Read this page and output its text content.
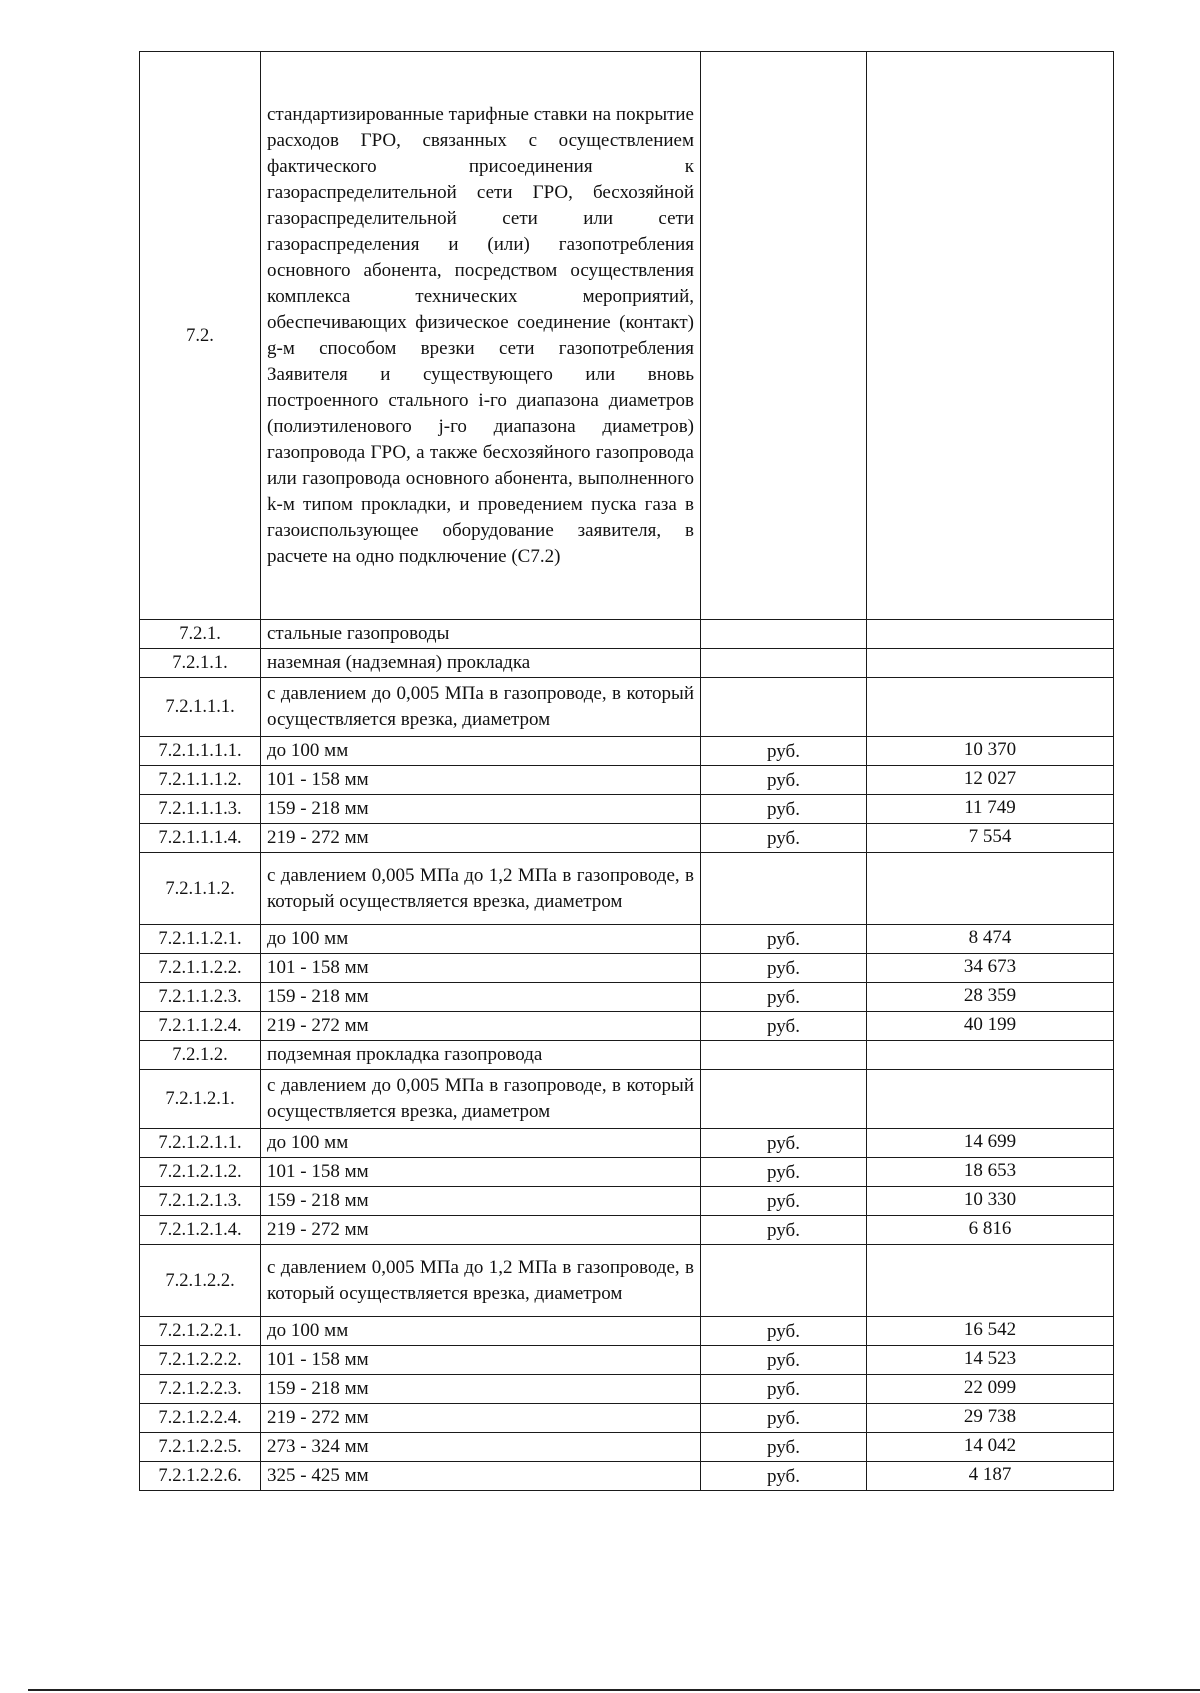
7.2.	стандартизированные тарифные ставки на покрытие расходов ГРО, связанных с осуществлением фактического присоединения к газораспределительной сети ГРО, бесхозяйной газораспределительной сети или сети газораспределения и (или) газопотребления основного абонента, посредством осуществления комплекса технических мероприятий, обеспечивающих физическое соединение (контакт) g-м способом врезки сети газопотребления Заявителя и существующего или вновь построенного стального i-го диапазона диаметров (полиэтиленового j-го диапазона диаметров) газопровода ГРО, а также бесхозяйного газопровода или газопровода основного абонента, выполненного k-м типом прокладки, и проведением пуска газа в газоиспользующее оборудование заявителя, в расчете на одно подключение (С7.2)		
7.2.1.	стальные газопроводы		
7.2.1.1.	наземная (надземная) прокладка		
7.2.1.1.1.	с давлением до 0,005 МПа в газопроводе, в который осуществляется врезка, диаметром		
7.2.1.1.1.1.	до 100 мм	руб.	10 370
7.2.1.1.1.2.	101 - 158 мм	руб.	12 027
7.2.1.1.1.3.	159 - 218 мм	руб.	11 749
7.2.1.1.1.4.	219 - 272 мм	руб.	7 554
7.2.1.1.2.	с давлением 0,005 МПа до 1,2 МПа в газопроводе, в который осуществляется врезка, диаметром		
7.2.1.1.2.1.	до 100 мм	руб.	8 474
7.2.1.1.2.2.	101 - 158 мм	руб.	34 673
7.2.1.1.2.3.	159 - 218 мм	руб.	28 359
7.2.1.1.2.4.	219 - 272 мм	руб.	40 199
7.2.1.2.	подземная прокладка газопровода		
7.2.1.2.1.	с давлением до 0,005 МПа в газопроводе, в который осуществляется врезка, диаметром		
7.2.1.2.1.1.	до 100 мм	руб.	14 699
7.2.1.2.1.2.	101 - 158 мм	руб.	18 653
7.2.1.2.1.3.	159 - 218 мм	руб.	10 330
7.2.1.2.1.4.	219 - 272 мм	руб.	6 816
7.2.1.2.2.	с давлением 0,005 МПа до 1,2 МПа в газопроводе, в который осуществляется врезка, диаметром		
7.2.1.2.2.1.	до 100 мм	руб.	16 542
7.2.1.2.2.2.	101 - 158 мм	руб.	14 523
7.2.1.2.2.3.	159 - 218 мм	руб.	22 099
7.2.1.2.2.4.	219 - 272 мм	руб.	29 738
7.2.1.2.2.5.	273 - 324 мм	руб.	14 042
7.2.1.2.2.6.	325 - 425 мм	руб.	4 187
